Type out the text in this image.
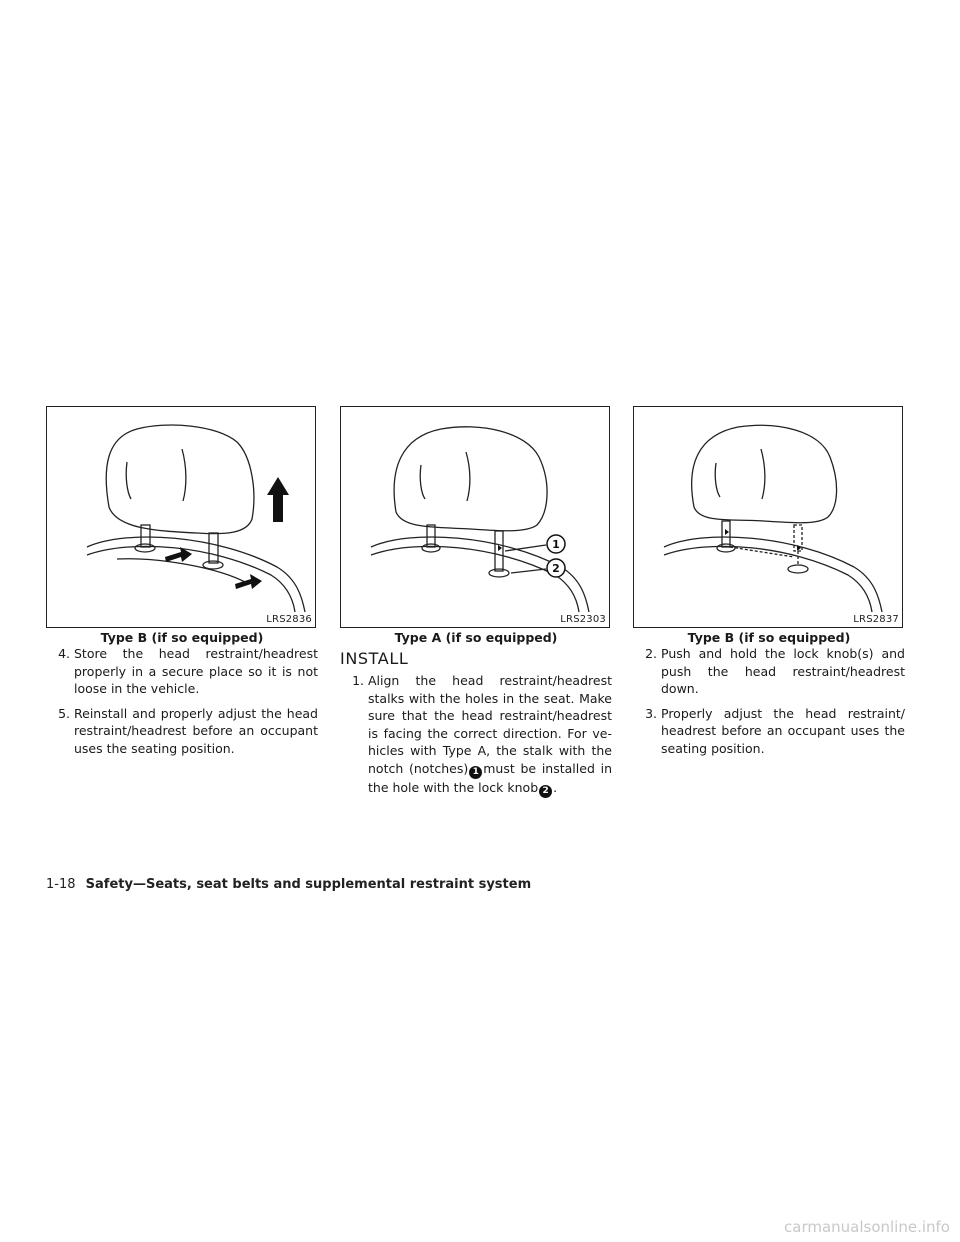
LRS2836
Type B (if so equipped)
4. Store the head restraint/headrest properly in a secure place so it is not loose in the vehicle.
5. Reinstall and properly adjust the head restraint/headrest before an occupant uses the seating position.
1
2
LRS2303
Type A (if so equipped)
INSTALL
1. Align the head restraint/headrest stalks with the holes in the seat. Make sure that the head restraint/headrest is facing the correct direction. For ve-hicles with Type A, the stalk with the notch (notches) 1 must be installed in the hole with the lock knob 2 .
LRS2837
Type B (if so equipped)
2. Push and hold the lock knob(s) and push the head restraint/headrest down.
3. Properly adjust the head restraint/ headrest before an occupant uses the seating position.
1-18 Safety—Seats, seat belts and supplemental restraint system
carmanualsonline.info
